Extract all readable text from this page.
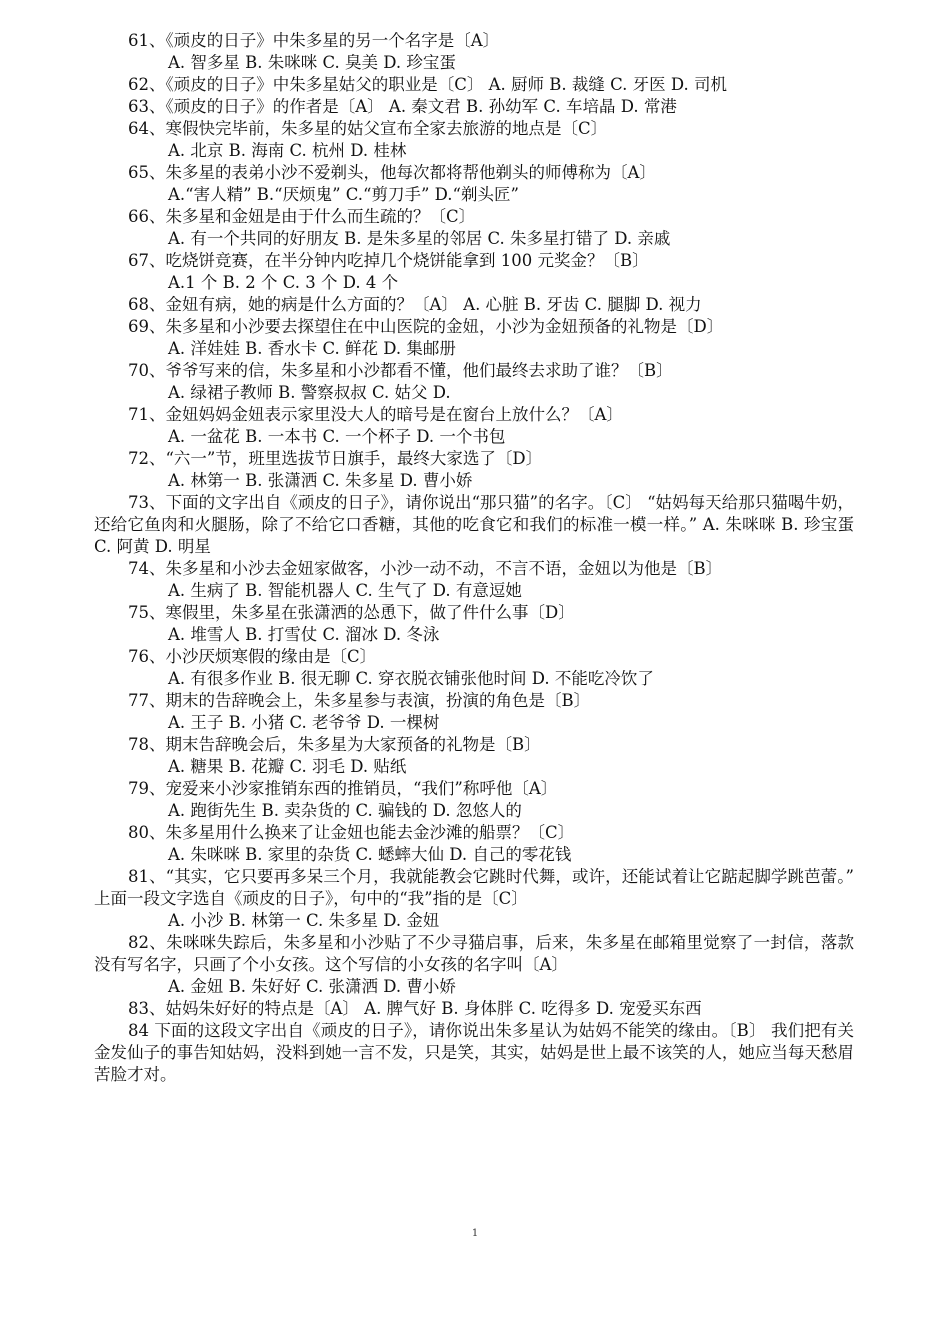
61、《顽皮的日子》中朱多星的另一个名字是〔A〕
A. 智多星 B. 朱咪咪 C. 臭美 D. 珍宝蛋
62、《顽皮的日子》中朱多星姑父的职业是〔C〕 A. 厨师 B. 裁缝 C. 牙医 D. 司机
63、《顽皮的日子》的作者是〔A〕 A. 秦文君 B. 孙幼军 C. 车培晶 D. 常港
64、寒假快完毕前，朱多星的姑父宣布全家去旅游的地点是〔C〕
A. 北京 B. 海南 C. 杭州 D. 桂林
65、朱多星的表弟小沙不爱剃头，他每次都将帮他剃头的师傅称为〔A〕
A.“害人精” B.“厌烦鬼” C.“剪刀手” D.“剃头匠”
66、朱多星和金妞是由于什么而生疏的？〔C〕
A. 有一个共同的好朋友 B. 是朱多星的邻居 C. 朱多星打错了 D. 亲戚
67、吃烧饼竞赛，在半分钟内吃掉几个烧饼能拿到 100 元奖金？〔B〕
A.1 个 B. 2 个 C. 3 个 D. 4 个
68、金妞有病，她的病是什么方面的？〔A〕 A. 心脏 B. 牙齿 C. 腿脚 D. 视力
69、朱多星和小沙要去探望住在中山医院的金妞，小沙为金妞预备的礼物是〔D〕
A. 洋娃娃 B. 香水卡 C. 鲜花 D. 集邮册
70、爷爷写来的信，朱多星和小沙都看不懂，他们最终去求助了谁？〔B〕
A. 绿裙子教师 B. 警察叔叔 C. 姑父 D.
71、金妞妈妈金妞表示家里没大人的暗号是在窗台上放什么？〔A〕
A. 一盆花 B. 一本书 C. 一个杯子 D. 一个书包
72、“六一”节，班里选拔节日旗手，最终大家选了〔D〕
A. 林第一 B. 张潇洒 C. 朱多星 D. 曹小娇
73、下面的文字出自《顽皮的日子》，请你说出“那只猫”的名字。〔C〕 “姑妈每天给那只猫喝牛奶，还给它鱼肉和火腿肠，除了不给它口香糖，其他的吃食它和我们的标准一模一样。” A. 朱咪咪 B. 珍宝蛋 C. 阿黄 D. 明星
74、朱多星和小沙去金妞家做客，小沙一动不动，不言不语，金妞以为他是〔B〕
A. 生病了 B. 智能机器人 C. 生气了 D. 有意逗她
75、寒假里，朱多星在张潇洒的怂恿下，做了件什么事〔D〕
A. 堆雪人 B. 打雪仗 C. 溜冰 D. 冬泳
76、小沙厌烦寒假的缘由是〔C〕
A. 有很多作业 B. 很无聊 C. 穿衣脱衣铺张他时间 D. 不能吃冷饮了
77、期末的告辞晚会上，朱多星参与表演，扮演的角色是〔B〕
A. 王子 B. 小猪 C. 老爷爷 D. 一棵树
78、期末告辞晚会后，朱多星为大家预备的礼物是〔B〕
A. 糖果 B. 花瓣 C. 羽毛 D. 贴纸
79、宠爱来小沙家推销东西的推销员，“我们”称呼他〔A〕
A. 跑街先生 B. 卖杂货的 C. 骗钱的 D. 忽悠人的
80、朱多星用什么换来了让金妞也能去金沙滩的船票？〔C〕
A. 朱咪咪 B. 家里的杂货 C. 蟋蟀大仙 D. 自己的零花钱
81、“其实，它只要再多呆三个月，我就能教会它跳时代舞，或许，还能试着让它踮起脚学跳芭蕾。” 上面一段文字选自《顽皮的日子》，句中的“我”指的是〔C〕
A. 小沙 B. 林第一 C. 朱多星 D. 金妞
82、朱咪咪失踪后，朱多星和小沙贴了不少寻猫启事，后来，朱多星在邮箱里觉察了一封信，落款没有写名字，只画了个小女孩。这个写信的小女孩的名字叫〔A〕
A. 金妞 B. 朱好好 C. 张潇洒 D. 曹小娇
83、姑妈朱好好的特点是〔A〕 A. 脾气好 B. 身体胖 C. 吃得多 D. 宠爱买东西
84 下面的这段文字出自《顽皮的日子》，请你说出朱多星认为姑妈不能笑的缘由。〔B〕 我们把有关金发仙子的事告知姑妈，没料到她一言不发，只是笑，其实，姑妈是世上最不该笑的人，她应当每天愁眉苦脸才对。
1
